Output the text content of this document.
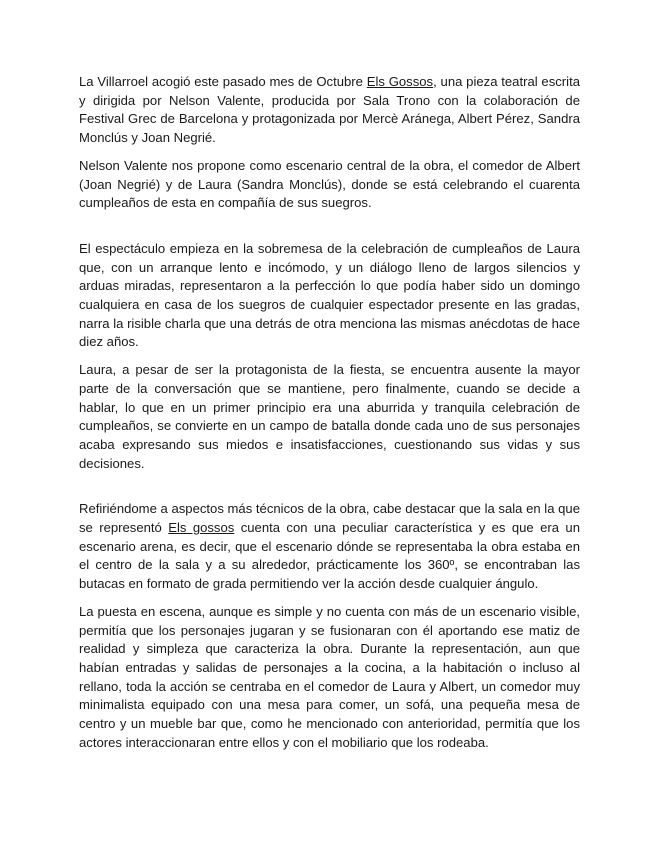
La Villarroel acogió este pasado mes de Octubre Els Gossos, una pieza teatral escrita y dirigida por Nelson Valente, producida por Sala Trono con la colaboración de Festival Grec de Barcelona y protagonizada por Mercè Aránega, Albert Pérez, Sandra Monclús y Joan Negrié.

Nelson Valente nos propone como escenario central de la obra, el comedor de Albert (Joan Negrié) y de Laura (Sandra Monclús), donde se está celebrando el cuarenta cumpleaños de esta en compañía de sus suegros.

El espectáculo empieza en la sobremesa de la celebración de cumpleaños de Laura que, con un arranque lento e incómodo, y un diálogo lleno de largos silencios y arduas miradas, representaron a la perfección lo que podía haber sido un domingo cualquiera en casa de los suegros de cualquier espectador presente en las gradas, narra la risible charla que una detrás de otra menciona las mismas anécdotas de hace diez años.

Laura, a pesar de ser la protagonista de la fiesta, se encuentra ausente la mayor parte de la conversación que se mantiene, pero finalmente, cuando se decide a hablar, lo que en un primer principio era una aburrida y tranquila celebración de cumpleaños, se convierte en un campo de batalla donde cada uno de sus personajes acaba expresando sus miedos e insatisfacciones, cuestionando sus vidas y sus decisiones.

Refiriéndome a aspectos más técnicos de la obra, cabe destacar que la sala en la que se representó Els gossos cuenta con una peculiar característica y es que era un escenario arena, es decir, que el escenario dónde se representaba la obra estaba en el centro de la sala y a su alrededor, prácticamente los 360º, se encontraban las butacas en formato de grada permitiendo ver la acción desde cualquier ángulo.

La puesta en escena, aunque es simple y no cuenta con más de un escenario visible, permitía que los personajes jugaran y se fusionaran con él aportando ese matiz de realidad y simpleza que caracteriza la obra. Durante la representación, aun que habían entradas y salidas de personajes a la cocina, a la habitación o incluso al rellano, toda la acción se centraba en el comedor de Laura y Albert, un comedor muy minimalista equipado con una mesa para comer, un sofá, una pequeña mesa de centro y un mueble bar que, como he mencionado con anterioridad, permitía que los actores interaccionaran entre ellos y con el mobiliario que los rodeaba.
